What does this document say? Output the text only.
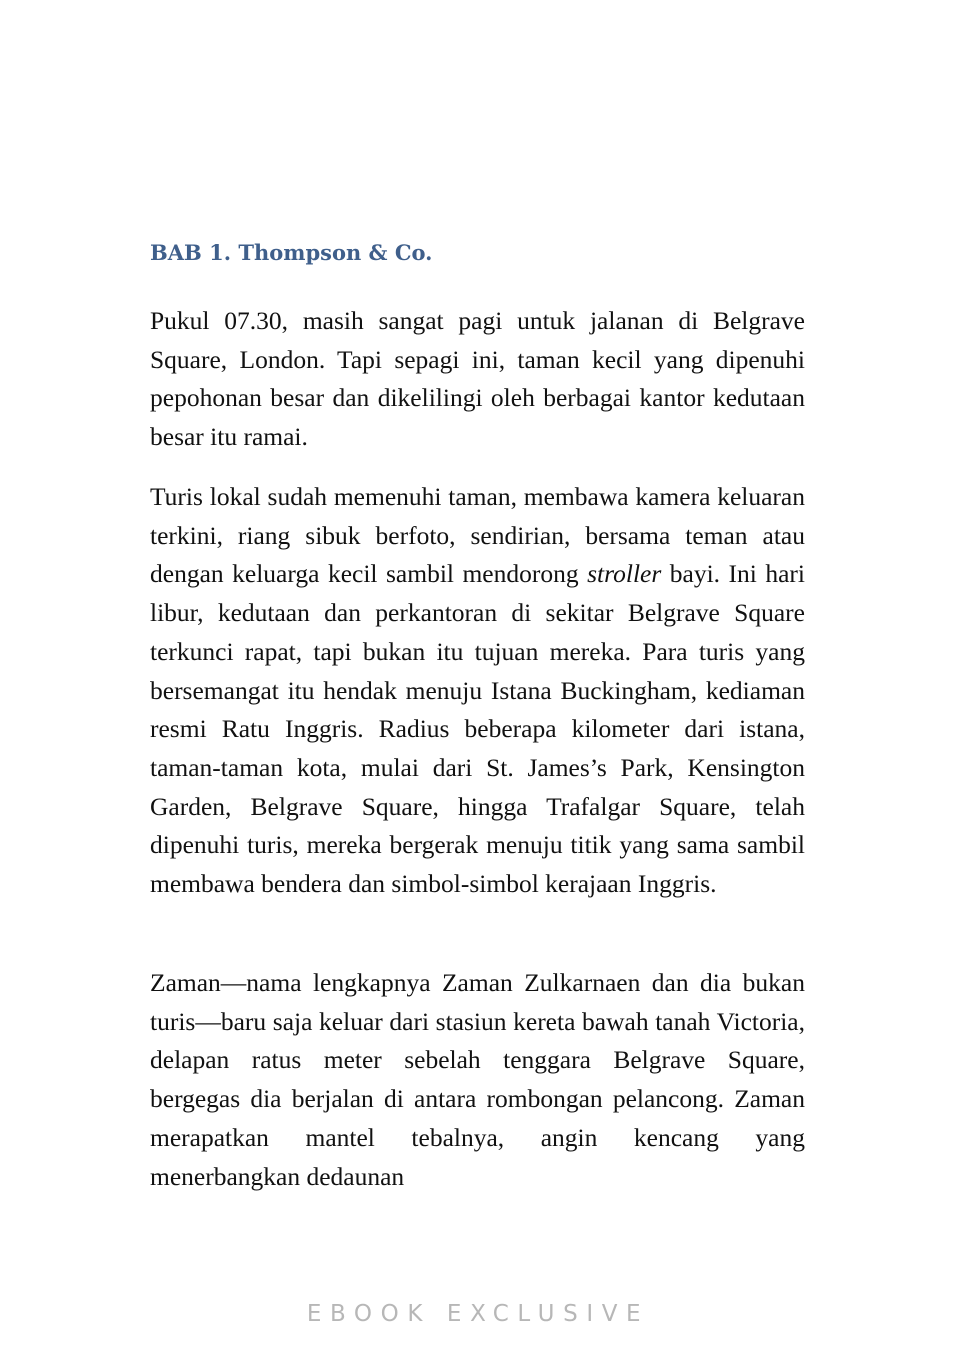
BAB 1. Thompson & Co.

Pukul 07.30, masih sangat pagi untuk jalanan di Belgrave Square, London. Tapi sepagi ini, taman kecil yang dipenuhi pepohonan besar dan dikelilingi oleh berbagai kantor kedutaan besar itu ramai.

Turis lokal sudah memenuhi taman, membawa kamera keluaran terkini, riang sibuk berfoto, sendirian, bersama teman atau dengan keluarga kecil sambil mendorong stroller bayi. Ini hari libur, kedutaan dan perkantoran di sekitar Belgrave Square terkunci rapat, tapi bukan itu tujuan mereka. Para turis yang bersemangat itu hendak menuju Istana Buckingham, kediaman resmi Ratu Inggris. Radius beberapa kilometer dari istana, taman-taman kota, mulai dari St. James’s Park, Kensington Garden, Belgrave Square, hingga Trafalgar Square, telah dipenuhi turis, mereka bergerak menuju titik yang sama sambil membawa bendera dan simbol-simbol kerajaan Inggris.

Zaman—nama lengkapnya Zaman Zulkarnaen dan dia bukan turis—baru saja keluar dari stasiun kereta bawah tanah Victoria, delapan ratus meter sebelah tenggara Belgrave Square, bergegas dia berjalan di antara rombongan pelancong. Zaman merapatkan mantel tebalnya, angin kencang yang menerbangkan dedaunan

EBOOK EXCLUSIVE
